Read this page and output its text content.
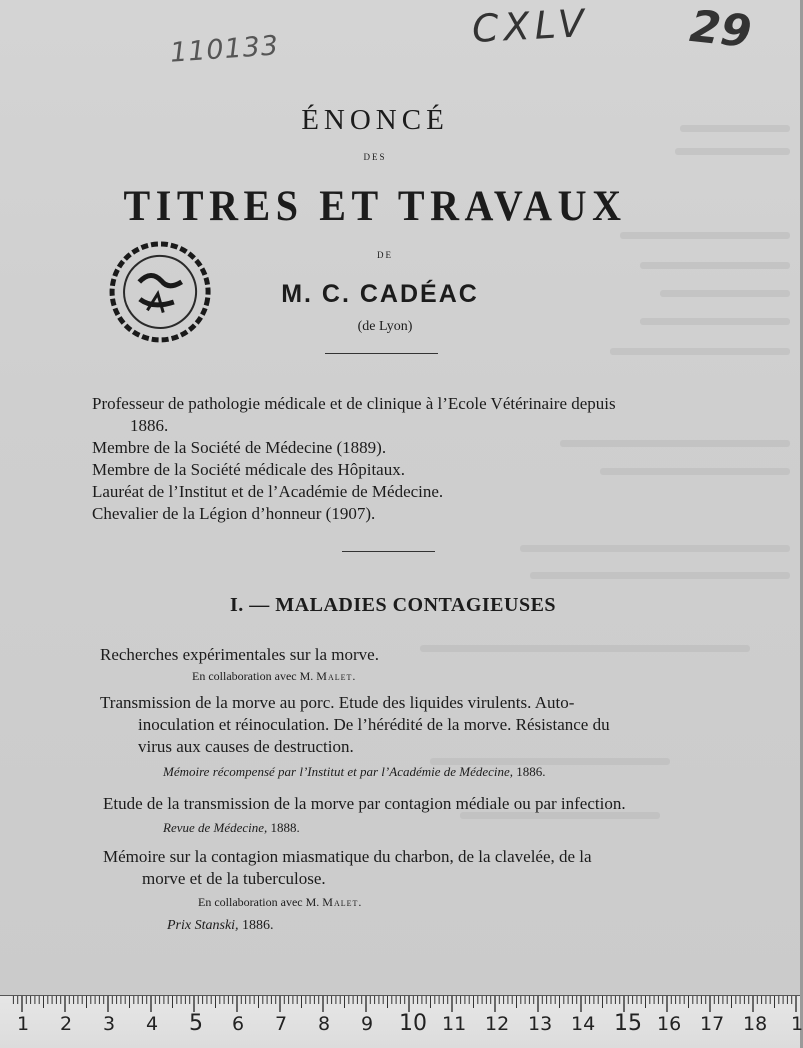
110133	CXLV 29
ÉNONCÉ
DES
TITRES ET TRAVAUX
DE
M. C. CADÉAC
(de Lyon)
Professeur de pathologie médicale et de clinique à l’Ecole Vétérinaire depuis
1886.
Membre de la Société de Médecine (1889).
Membre de la Société médicale des Hôpitaux.
Lauréat de l’Institut et de l’Académie de Médecine.
Chevalier de la Légion d’honneur (1907).
I. — MALADIES CONTAGIEUSES
Recherches expérimentales sur la morve.
En collaboration avec M. Malet.
Transmission de la morve au porc. Etude des liquides virulents. Auto-
inoculation et réinoculation. De l’hérédité de la morve. Résistance du
virus aux causes de destruction.
Mémoire récompensé par l’Institut et par l’Académie de Médecine, 1886.
Etude de la transmission de la morve par contagion médiale ou par infection.
Revue de Médecine, 1888.
Mémoire sur la contagion miasmatique du charbon, de la clavelée, de la
morve et de la tuberculose.
En collaboration avec M. Malet.
Prix Stanski, 1886.
1 2 3 4 5 6 7 8 9 10 11 12 13 14 15 16 17 18 1
